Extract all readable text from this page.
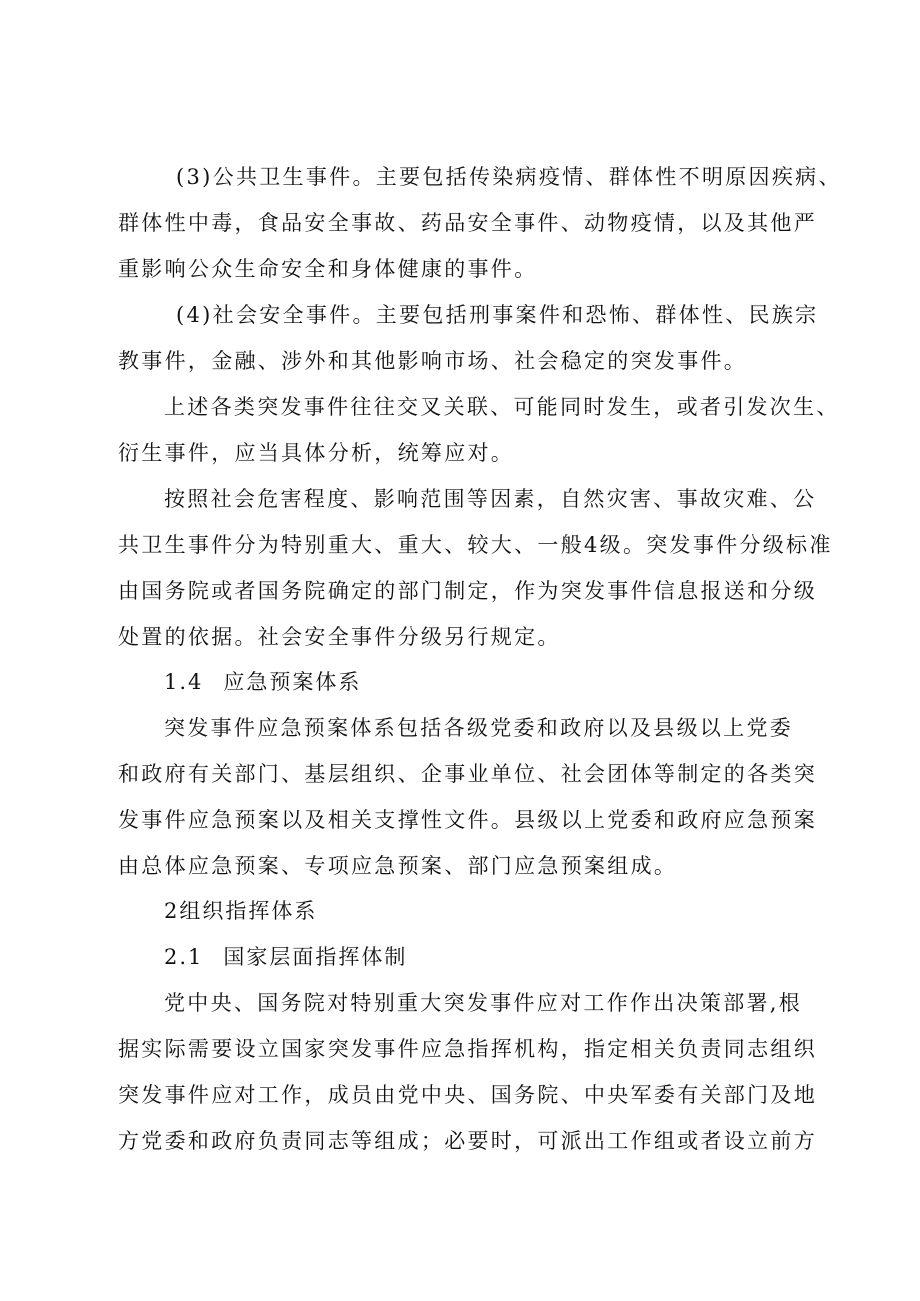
(3)公共卫生事件。主要包括传染病疫情、群体性不明原因疾病、
群体性中毒，食品安全事故、药品安全事件、动物疫情，以及其他严
重影响公众生命安全和身体健康的事件。
(4)社会安全事件。主要包括刑事案件和恐怖、群体性、民族宗
教事件，金融、涉外和其他影响市场、社会稳定的突发事件。
上述各类突发事件往往交叉关联、可能同时发生，或者引发次生、
衍生事件，应当具体分析，统筹应对。
按照社会危害程度、影响范围等因素，自然灾害、事故灾难、公
共卫生事件分为特别重大、重大、较大、一般4级。突发事件分级标准
由国务院或者国务院确定的部门制定，作为突发事件信息报送和分级
处置的依据。社会安全事件分级另行规定。
1.4 应急预案体系
突发事件应急预案体系包括各级党委和政府以及县级以上党委
和政府有关部门、基层组织、企事业单位、社会团体等制定的各类突
发事件应急预案以及相关支撑性文件。县级以上党委和政府应急预案
由总体应急预案、专项应急预案、部门应急预案组成。
2组织指挥体系
2.1 国家层面指挥体制
党中央、国务院对特别重大突发事件应对工作作出决策部署,根
据实际需要设立国家突发事件应急指挥机构，指定相关负责同志组织
突发事件应对工作，成员由党中央、国务院、中央军委有关部门及地
方党委和政府负责同志等组成；必要时，可派出工作组或者设立前方
